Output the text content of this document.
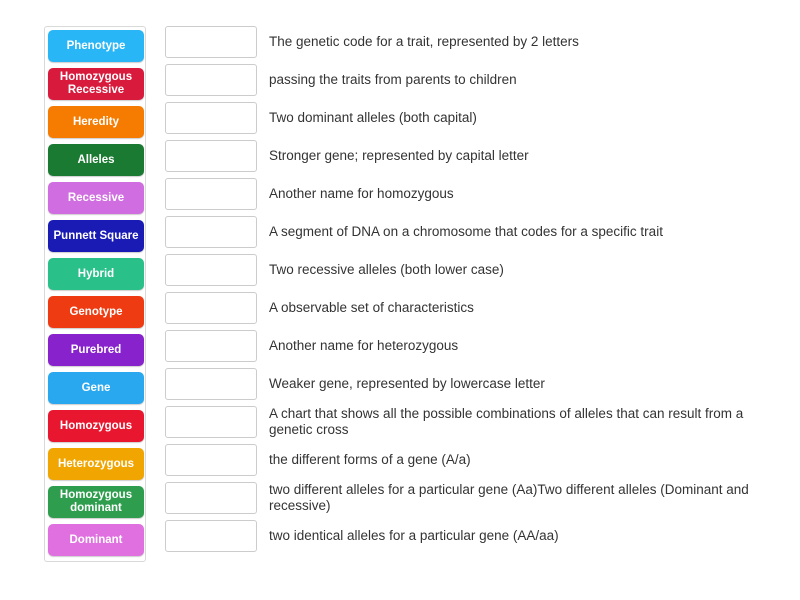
Phenotype
Homozygous Recessive
Heredity
Alleles
Recessive
Punnett Square
Hybrid
Genotype
Purebred
Gene
Homozygous
Heterozygous
Homozygous dominant
Dominant
The genetic code for a trait, represented by 2 letters
passing the traits from parents to children
Two dominant alleles (both capital)
Stronger gene; represented by capital letter
Another name for homozygous
A segment of DNA on a chromosome that codes for a specific trait
Two recessive alleles (both lower case)
A observable set of characteristics
Another name for heterozygous
Weaker gene, represented by lowercase letter
A chart that shows all the possible combinations of alleles that can result from a genetic cross
the different forms of a gene (A/a)
two different alleles for a particular gene (Aa)Two different alleles (Dominant and recessive)
two identical alleles for a particular gene (AA/aa)
